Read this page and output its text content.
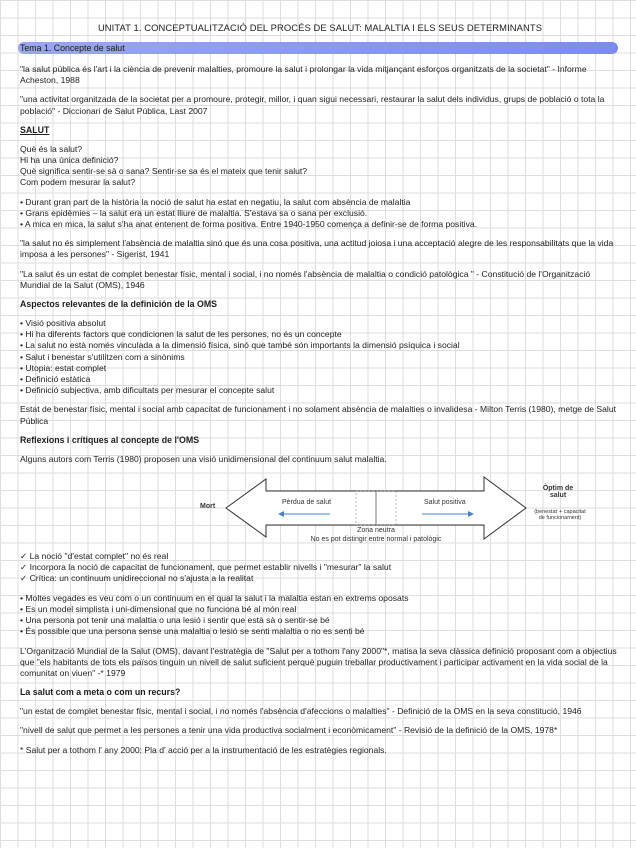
UNITAT 1. CONCEPTUALITZACIÓ DEL PROCÉS DE SALUT: MALALTIA I ELS SEUS DETERMINANTS
Tema 1. Concepte de salut

"la salut pública és l'art i la ciència de prevenir malalties, promoure la salut i prolongar la vida mitjançant esforços organitzats de la societat" - Informe Acheston, 1988

"una activitat organitzada de la societat per a promoure, protegir, millor, i quan sigui necessari, restaurar la salut dels individus, grups de població o tota la població" - Diccionari de Salut Pública, Last 2007

SALUT

Què és la salut?
Hi ha una única definició?
Què significa sentir-se sà o sana? Sentir-se sa és el mateix que tenir salut?
Com podem mesurar la salut?
• Durant gran part de la història la noció de salut ha estat en negatiu, la salut com absència de malaltia
• Grans epidèmies – la salut era un estat lliure de malaltia. S'estava sa o sana per exclusió.
• A mica en mica, la salut s'ha anat entenent de forma positiva. Entre 1940-1950 comença a definir-se de forma positiva.

"la salut no és simplement l'absència de malaltia sinó que és una cosa positiva, una actitud joiosa i una acceptació alegre de les responsabilitats que la vida imposa a les persones" - Sigerist, 1941

"La salut és un estat de complet benestar físic, mental i social, i no només l'absència de malaltia o condició patològica " - Constitució de l'Organització Mundial de la Salut (OMS), 1946

Aspectos relevantes de la definición de la OMS

• Visió positiva absolut
• Hi ha diferents factors que condicionen la salut de les persones, no és un concepte
• La salut no està només vinculada a la dimensió física, sinó que també són importants la dimensió psíquica i social
• Salut i benestar s'utilitzen com a sinònims
• Utopia: estat complet
• Definició estàtica
• Definició subjectiva, amb dificultats per mesurar el concepte salut

Estat de benestar físic, mental i social amb capacitat de funcionament i no solament absència de malalties o invalidesa - Milton Terris (1980), metge de Salut Pública

Reflexions i crítiques al concepte de l'OMS

Alguns autors com Terris (1980) proposen una visió unidimensional del continuum salut malaltia.

Mort
Pèrdua de salut	Salut positiva
Òptim de salut
(benestar + capacitat de funcionament)
Zona neutra
No es pot distingir entre normal i patològic
✓ La noció "d'estat complet" no és real
✓ Incorpora la noció de capacitat de funcionament, que permet establir nivells i "mesurar" la salut
✓ Crítica: un continuum unidireccional no s'ajusta a la realitat
• Moltes vegades es veu com o un continuum en el qual la salut i la malaltia estan en extrems oposats
• Es un model simplista i uni-dimensional que no funciona bé al món real
• Una persona pot tenir una malaltia o una lesió i sentir que està sà o sentir-se bé
• És possible que una persona sense una malaltia o lesió se senti malaltia o no es senti bé

L'Organització Mundial de la Salut (OMS), davant l'estratègia de "Salut per a tothom l'any 2000"*, matisa la seva clàssica definició proposant com a objectius que "els habitants de tots els països tinguin un nivell de salut suficient perquè puguin treballar productivament i participar activament en la vida social de la comunitat on viuen" -* 1979

La salut com a meta o com un recurs?

"un estat de complet benestar físic, mental i social, i no només l'absència d'afeccions o malalties" - Definició de la OMS en la seva constitució, 1946

"nivell de salut que permet a les persones a tenir una vida productiva socialment i econòmicament" - Revisió de la definició de la OMS, 1978*

* Salut per a tothom l' any 2000: Pla d' acció per a la instrumentació de les estratègies regionals.
